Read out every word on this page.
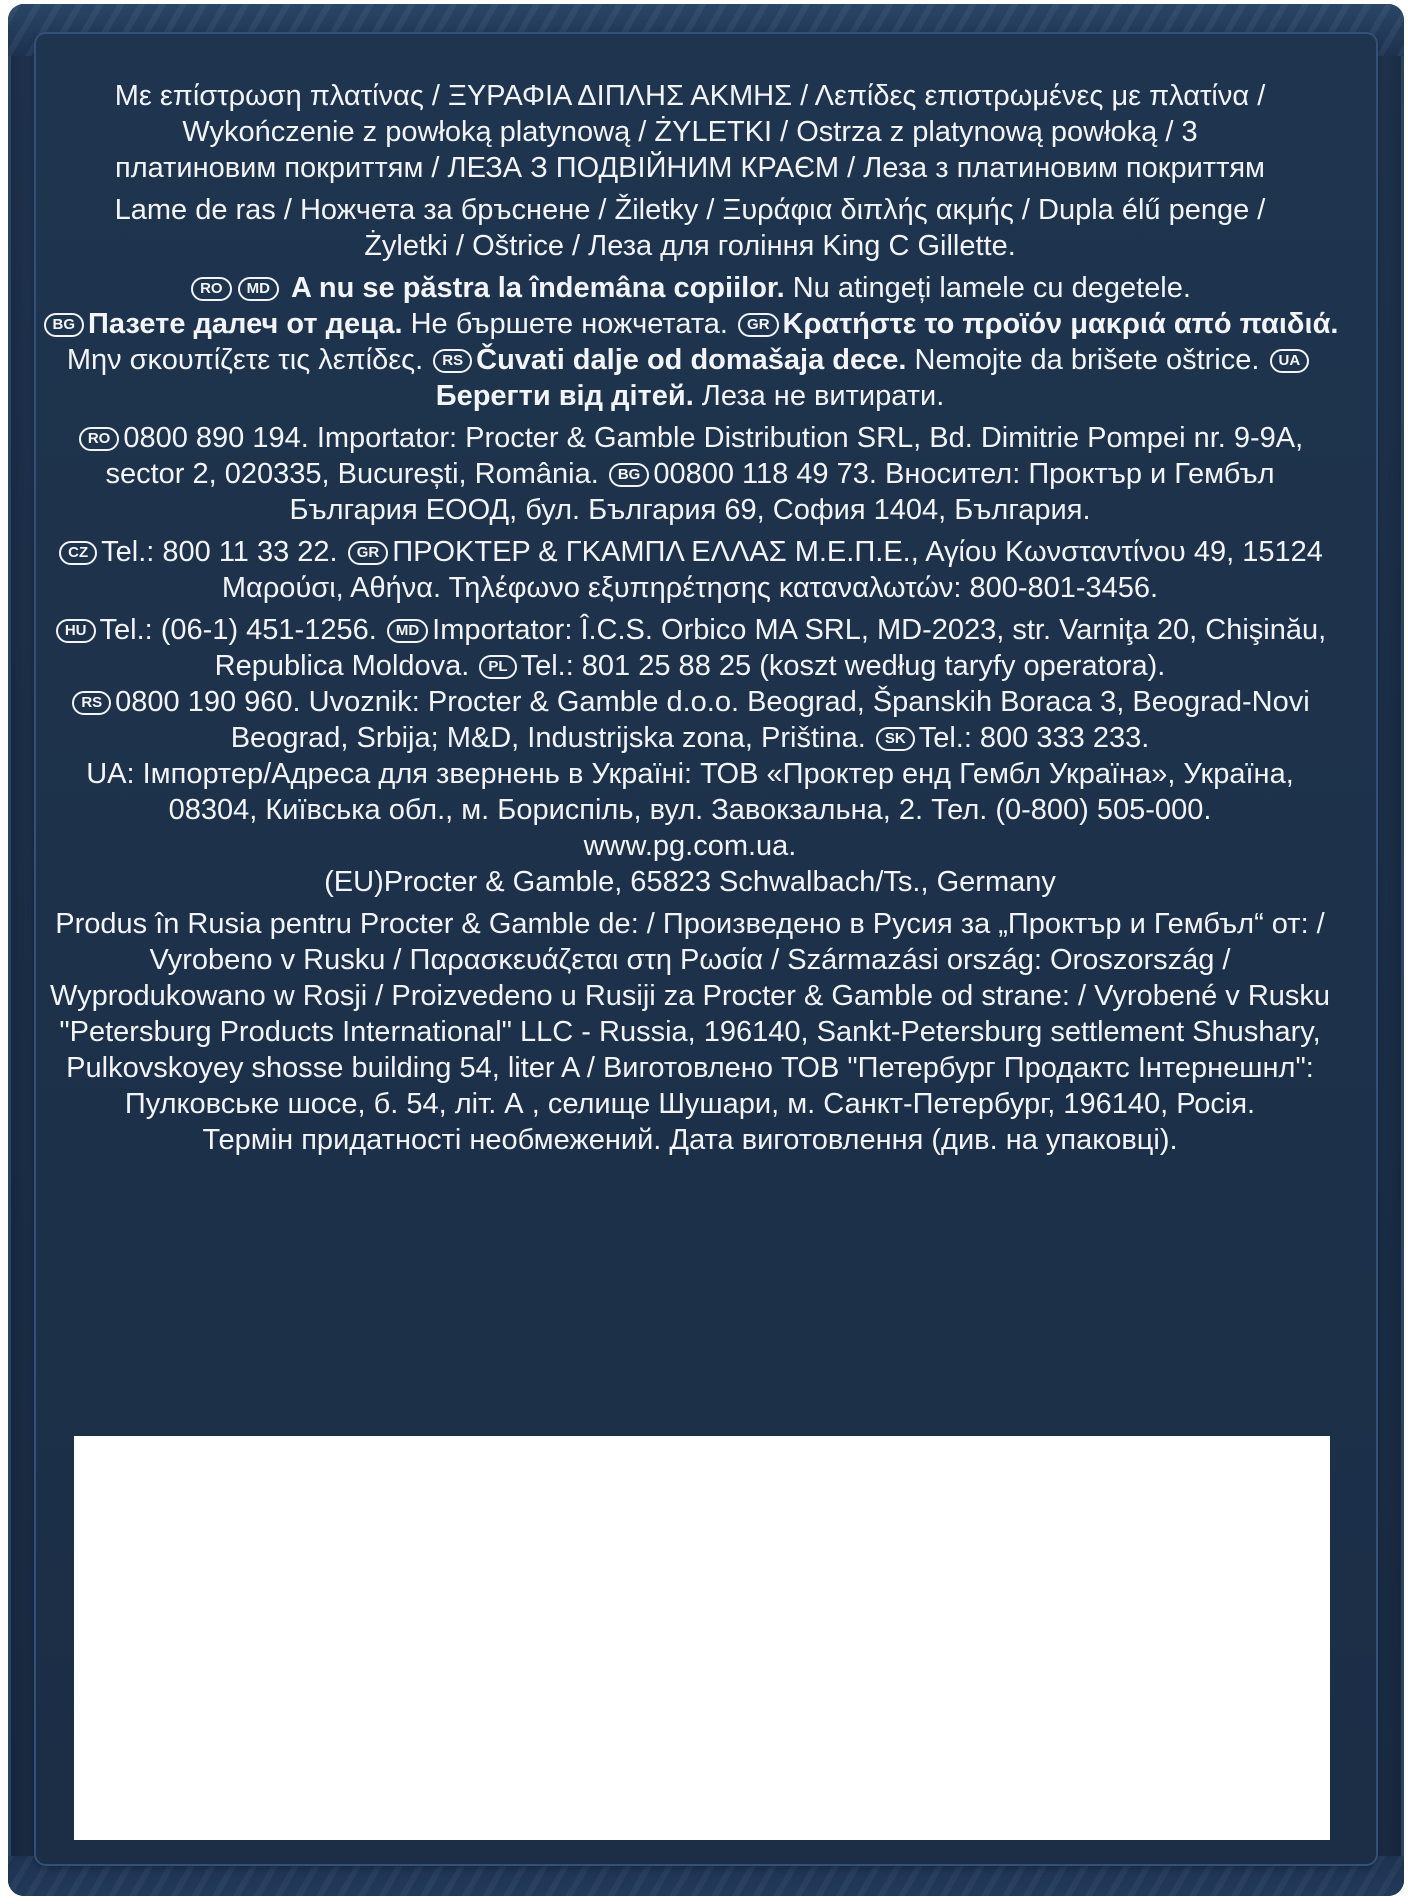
Με επίστρωση πλατίνας / ΞΥΡΑΦΙΑ ΔΙΠΛΗΣ ΑΚΜΗΣ / Λεπίδες επιστρωμένες με πλατίνα /
Wykończenie z powłoką platynową / ŻYLETKI / Ostrza z platynową powłoką / 3
платиновим покриттям / ЛЕЗА З ПОДВІЙНИМ КРАЄМ / Леза з платиновим покриттям

Lame de ras / Ножчета за бръснене / Žiletky / Ξυράφια διπλής ακμής / Dupla élű penge /
Żyletki / Oštrice / Леза для гоління King C Gillette.

RO MD A nu se păstra la îndemâna copiilor. Nu atingeți lamele cu degetele.
BG Пазете далеч от деца. Не бършете ножчетата. GR Κρατήστε το προϊόν μακριά από παιδιά. Μην σκουπίζετε τις λεπίδες. RS Čuvati dalje od domašaja dece. Nemojte da brišete oštrice. UAБерегти від дітей. Леза не витирати.

RO 0800 890 194. Importator: Procter & Gamble Distribution SRL, Bd. Dimitrie Pompei nr. 9-9A, sector 2, 020335, București, România. BG 00800 118 49 73. Вносител: Проктър и Гембъл България ЕООД, бул. България 69, София 1404, България.

CZ Tel.: 800 11 33 22. GR ΠΡΟΚΤΕΡ & ΓΚΑΜΠΛ ΕΛΛΑΣ Μ.Ε.Π.Ε., Αγίου Κωνσταντίνου 49, 15124 Μαρούσι, Αθήνα. Τηλέφωνο εξυπηρέτησης καταναλωτών: 800-801-3456.

HU Tel.: (06-1) 451-1256. MD Importator: Î.C.S. Orbico MA SRL, MD-2023, str. Varniţa 20, Chişinău, Republica Moldova. PL Tel.: 801 25 88 25 (koszt według taryfy operatora).
RS 0800 190 960. Uvoznik: Procter & Gamble d.o.o. Beograd, Španskih Boraca 3, Beograd-Novi Beograd, Srbija; M&D, Industrijska zona, Priština. SK Tel.: 800 333 233.
UA: Імпортер/Адреса для звернень в Україні: ТОВ «Проктер енд Гембл Україна», Україна, 08304, Київська обл., м. Бориспіль, вул. Завокзальна, 2. Тел. (0-800) 505-000.
www.pg.com.ua.
(EU)Procter & Gamble, 65823 Schwalbach/Ts., Germany

Produs în Rusia pentru Procter & Gamble de: / Произведено в Русия за „Проктър и Гембъл“ от: / Vyrobeno v Rusku / Παρασκευάζεται στη Ρωσία / Származási ország: Oroszország / Wyprodukowano w Rosji / Proizvedeno u Rusiji za Procter & Gamble od strane: / Vyrobené v Rusku "Petersburg Products International" LLC - Russia, 196140, Sankt-Petersburg settlement Shushary, Pulkovskoyey shosse building 54, liter A / Виготовлено ТОВ "Петербург Продактс Інтернешнл": Пулковське шосе, б. 54, літ. А , селище Шушари, м. Санкт-Петербург, 196140, Росія.
Термін придатності необмежений. Дата виготовлення (див. на упаковці).
